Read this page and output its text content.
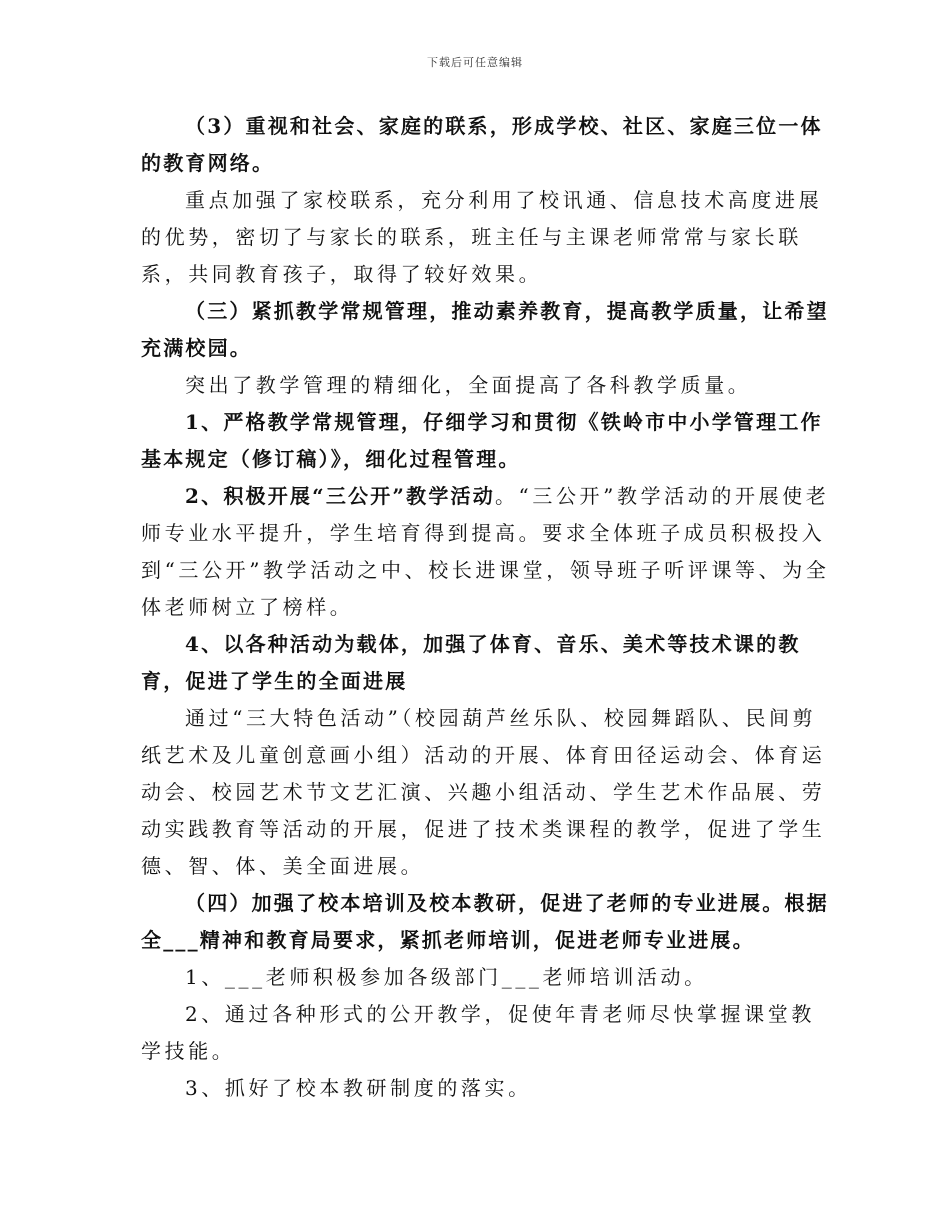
下载后可任意编辑

（3）重视和社会、家庭的联系，形成学校、社区、家庭三位一体的教育网络。

重点加强了家校联系，充分利用了校讯通、信息技术高度进展的优势，密切了与家长的联系，班主任与主课老师常常与家长联系，共同教育孩子，取得了较好效果。

（三）紧抓教学常规管理，推动素养教育，提高教学质量，让希望充满校园。

突出了教学管理的精细化，全面提高了各科教学质量。

1、严格教学常规管理，仔细学习和贯彻《铁岭市中小学管理工作基本规定（修订稿）》，细化过程管理。

2、积极开展“三公开”教学活动。“三公开”教学活动的开展使老师专业水平提升，学生培育得到提高。要求全体班子成员积极投入到“三公开”教学活动之中、校长进课堂，领导班子听评课等、为全体老师树立了榜样。

4、以各种活动为载体，加强了体育、音乐、美术等技术课的教育，促进了学生的全面进展

通过“三大特色活动”（校园葫芦丝乐队、校园舞蹈队、民间剪纸艺术及儿童创意画小组）活动的开展、体育田径运动会、体育运动会、校园艺术节文艺汇演、兴趣小组活动、学生艺术作品展、劳动实践教育等活动的开展，促进了技术类课程的教学，促进了学生德、智、体、美全面进展。

（四）加强了校本培训及校本教研，促进了老师的专业进展。根据全___精神和教育局要求，紧抓老师培训，促进老师专业进展。

1、___老师积极参加各级部门___老师培训活动。

2、通过各种形式的公开教学，促使年青老师尽快掌握课堂教学技能。

3、抓好了校本教研制度的落实。
